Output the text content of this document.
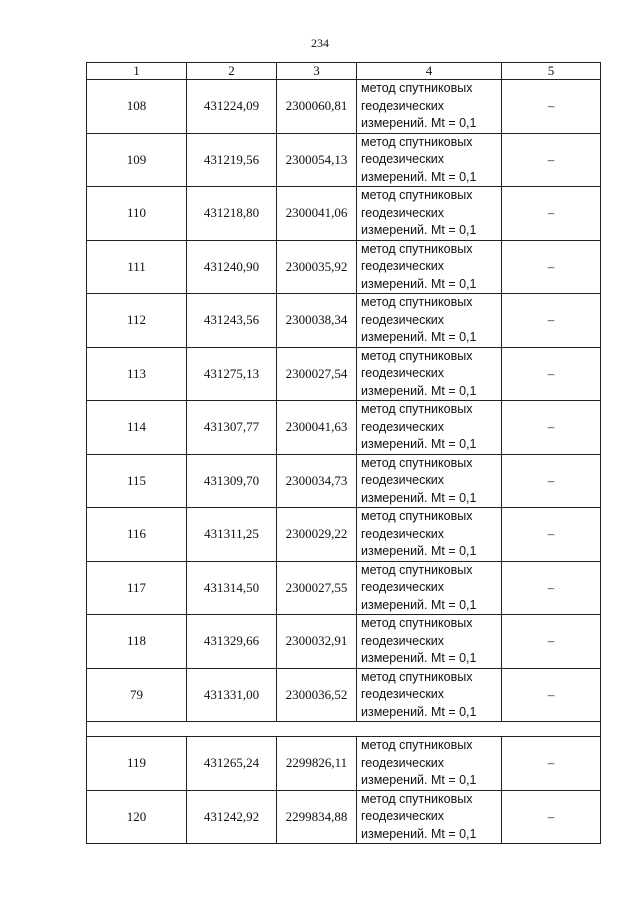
234
1	2	3	4	5
108	431224,09	2300060,81	метод спутниковых
геодезических
измерений. Mt = 0,1	–
109	431219,56	2300054,13	метод спутниковых
геодезических
измерений. Mt = 0,1	–
110	431218,80	2300041,06	метод спутниковых
геодезических
измерений. Mt = 0,1	–
111	431240,90	2300035,92	метод спутниковых
геодезических
измерений. Mt = 0,1	–
112	431243,56	2300038,34	метод спутниковых
геодезических
измерений. Mt = 0,1	–
113	431275,13	2300027,54	метод спутниковых
геодезических
измерений. Mt = 0,1	–
114	431307,77	2300041,63	метод спутниковых
геодезических
измерений. Mt = 0,1	–
115	431309,70	2300034,73	метод спутниковых
геодезических
измерений. Mt = 0,1	–
116	431311,25	2300029,22	метод спутниковых
геодезических
измерений. Mt = 0,1	–
117	431314,50	2300027,55	метод спутниковых
геодезических
измерений. Mt = 0,1	–
118	431329,66	2300032,91	метод спутниковых
геодезических
измерений. Mt = 0,1	–
79	431331,00	2300036,52	метод спутниковых
геодезических
измерений. Mt = 0,1	–

119	431265,24	2299826,11	метод спутниковых
геодезических
измерений. Mt = 0,1	–
120	431242,92	2299834,88	метод спутниковых
геодезических
измерений. Mt = 0,1	–
